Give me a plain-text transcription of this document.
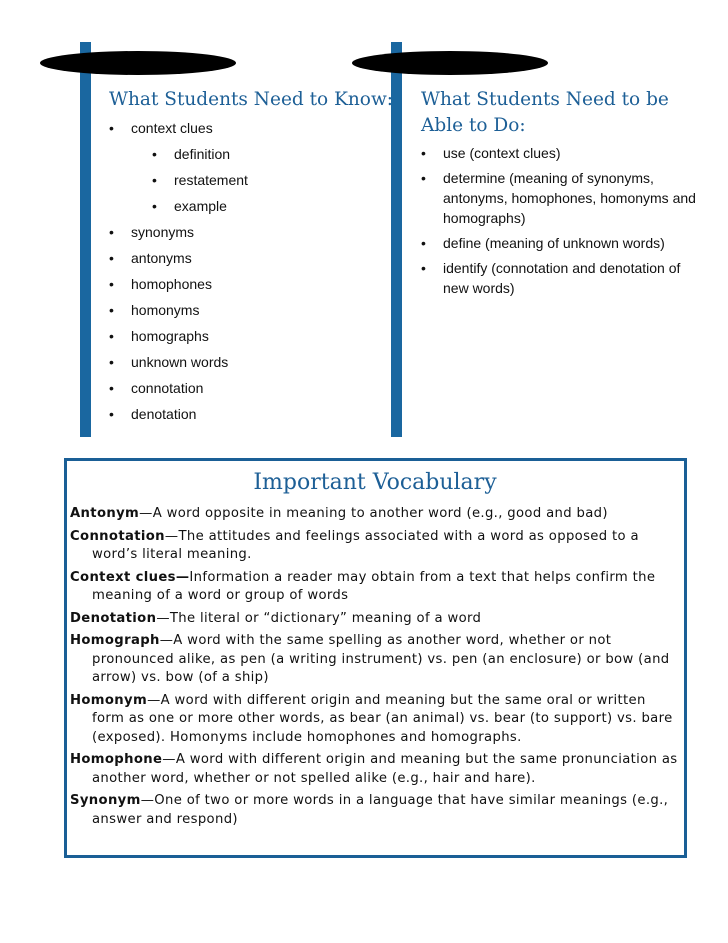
What Students Need to Know:
• context clues
• definition
• restatement
• example
• synonyms
• antonyms
• homophones
• homonyms
• homographs
• unknown words
• connotation
• denotation
What Students Need to be
Able to Do:
• use (context clues)
• determine (meaning of synonyms, antonyms, homophones, homonyms and homographs)
• define (meaning of unknown words)
• identify (connotation and denotation of new words)
Important Vocabulary

Antonym—A word opposite in meaning to another word (e.g., good and bad)

Connotation—The attitudes and feelings associated with a word as opposed to a word’s literal meaning.

Context clues—Information a reader may obtain from a text that helps confirm the meaning of a word or group of words

Denotation—The literal or “dictionary” meaning of a word

Homograph—A word with the same spelling as another word, whether or not pronounced alike, as pen (a writing instrument) vs. pen (an enclosure) or bow (and arrow) vs. bow (of a ship)

Homonym—A word with different origin and meaning but the same oral or written form as one or more other words, as bear (an animal) vs. bear (to support) vs. bare (exposed). Homonyms include homophones and homographs.

Homophone—A word with different origin and meaning but the same pronunciation as another word, whether or not spelled alike (e.g., hair and hare).

Synonym—One of two or more words in a language that have similar meanings (e.g., answer and respond)
